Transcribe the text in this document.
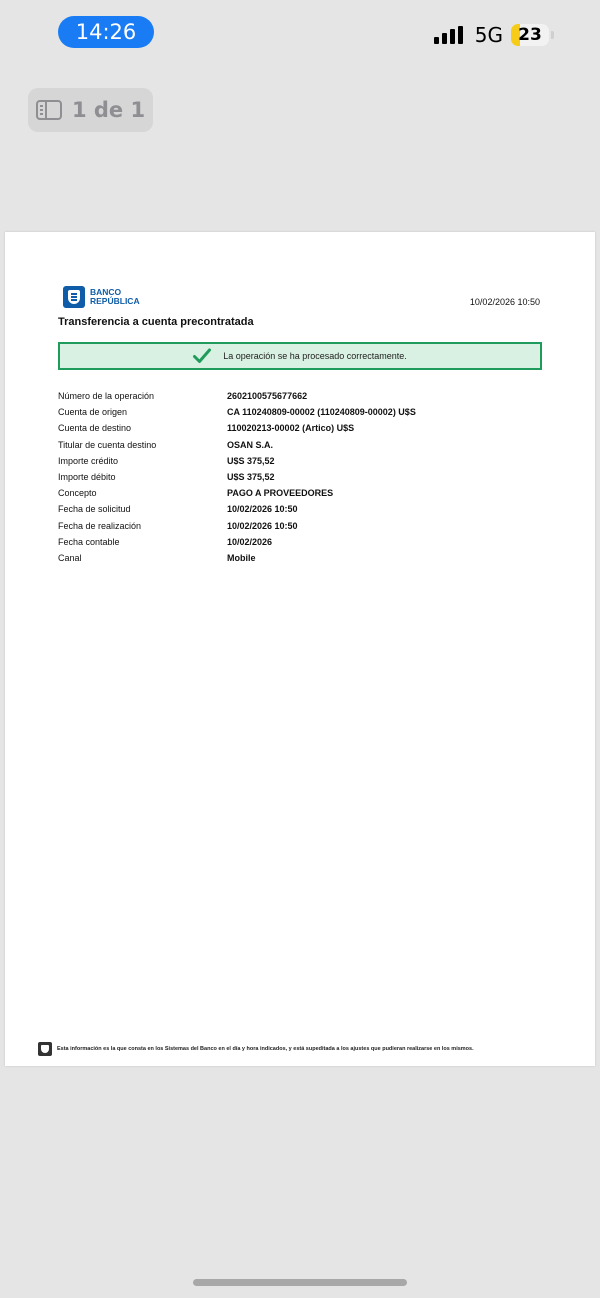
14:26	5G 23
1 de 1
BANCO
REPÚBLICA	10/02/2026 10:50
Transferencia a cuenta precontratada
La operación se ha procesado correctamente.
Número de la operación	2602100575677662
Cuenta de origen	CA 110240809-00002 (110240809-00002) U$S
Cuenta de destino	110020213-00002 (Artico) U$S
Titular de cuenta destino	OSAN S.A.
Importe crédito	U$S 375,52
Importe débito	U$S 375,52
Concepto	PAGO A PROVEEDORES
Fecha de solicitud	10/02/2026 10:50
Fecha de realización	10/02/2026 10:50
Fecha contable	10/02/2026
Canal	Mobile
Esta información es la que consta en los Sistemas del Banco en el día y hora indicados, y está supeditada a los ajustes que pudieran realizarse en los mismos.
